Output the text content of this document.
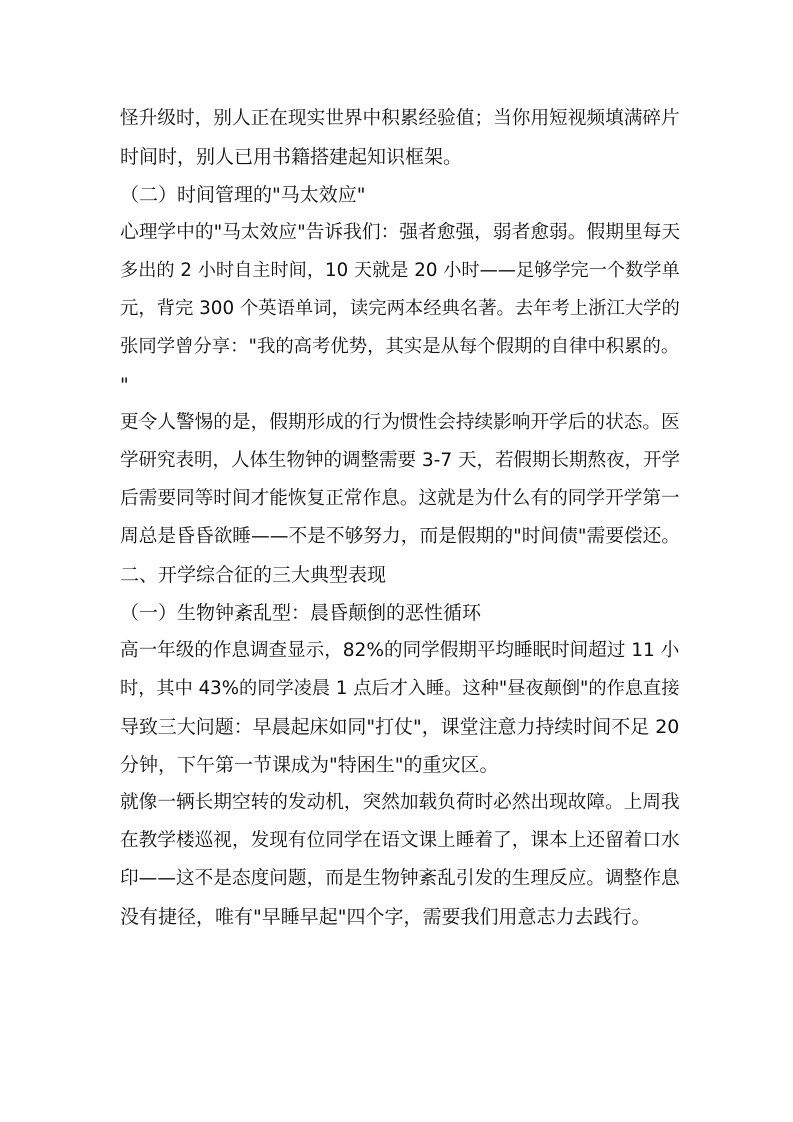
怪升级时，别人正在现实世界中积累经验值；当你用短视频填满碎片
时间时，别人已用书籍搭建起知识框架。
（二）时间管理的"马太效应"
心理学中的"马太效应"告诉我们：强者愈强，弱者愈弱。假期里每天
多出的 2 小时自主时间，10 天就是 20 小时——足够学完一个数学单
元，背完 300 个英语单词，读完两本经典名著。去年考上浙江大学的
张同学曾分享："我的高考优势，其实是从每个假期的自律中积累的。
"
更令人警惕的是，假期形成的行为惯性会持续影响开学后的状态。医
学研究表明，人体生物钟的调整需要 3-7 天，若假期长期熬夜，开学
后需要同等时间才能恢复正常作息。这就是为什么有的同学开学第一
周总是昏昏欲睡——不是不够努力，而是假期的"时间债"需要偿还。
二、开学综合征的三大典型表现
（一）生物钟紊乱型：晨昏颠倒的恶性循环
高一年级的作息调查显示，82%的同学假期平均睡眠时间超过 11 小
时，其中 43%的同学凌晨 1 点后才入睡。这种"昼夜颠倒"的作息直接
导致三大问题：早晨起床如同"打仗"，课堂注意力持续时间不足 20
分钟，下午第一节课成为"特困生"的重灾区。
就像一辆长期空转的发动机，突然加载负荷时必然出现故障。上周我
在教学楼巡视，发现有位同学在语文课上睡着了，课本上还留着口水
印——这不是态度问题，而是生物钟紊乱引发的生理反应。调整作息
没有捷径，唯有"早睡早起"四个字，需要我们用意志力去践行。
